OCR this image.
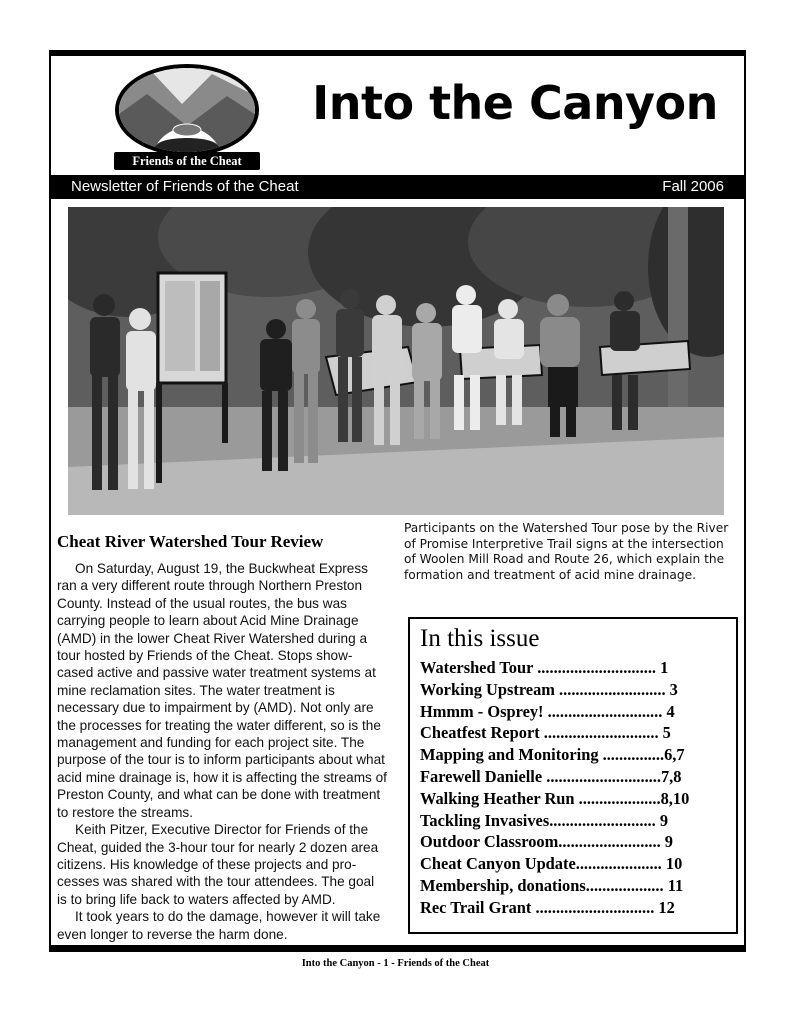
Friends of the Cheat
Into the Canyon
Newsletter of Friends of the Cheat	Fall 2006
Participants on the Watershed Tour pose by the River of Promise Interpretive Trail signs at the intersection of Woolen Mill Road and Route 26, which explain the formation and treatment of acid mine drainage.
Cheat River Watershed Tour Review

On Saturday, August 19, the Buckwheat Express ran a very different route through Northern Preston County. Instead of the usual routes, the bus was carrying people to learn about Acid Mine Drainage (AMD) in the lower Cheat River Watershed during a tour hosted by Friends of the Cheat. Stops show-cased active and passive water treatment systems at mine reclamation sites. The water treatment is necessary due to impairment by (AMD). Not only are the processes for treating the water different, so is the management and funding for each project site. The purpose of the tour is to inform participants about what acid mine drainage is, how it is affecting the streams of Preston County, and what can be done with treatment to restore the streams.

Keith Pitzer, Executive Director for Friends of the Cheat, guided the 3-hour tour for nearly 2 dozen area citizens. His knowledge of these projects and pro-cesses was shared with the tour attendees. The goal is to bring life back to waters affected by AMD.

It took years to do the damage, however it will take even longer to reverse the harm done.

In this issue
Watershed Tour ............................. 1
Working Upstream .......................... 3
Hmmm - Osprey! ............................ 4
Cheatfest Report ............................ 5
Mapping and Monitoring ...............6,7
Farewell Danielle ............................7,8
Walking Heather Run ....................8,10
Tackling Invasives.......................... 9
Outdoor Classroom......................... 9
Cheat Canyon Update..................... 10
Membership, donations................... 11
Rec Trail Grant ............................. 12
Into the Canyon - 1 - Friends of the Cheat
